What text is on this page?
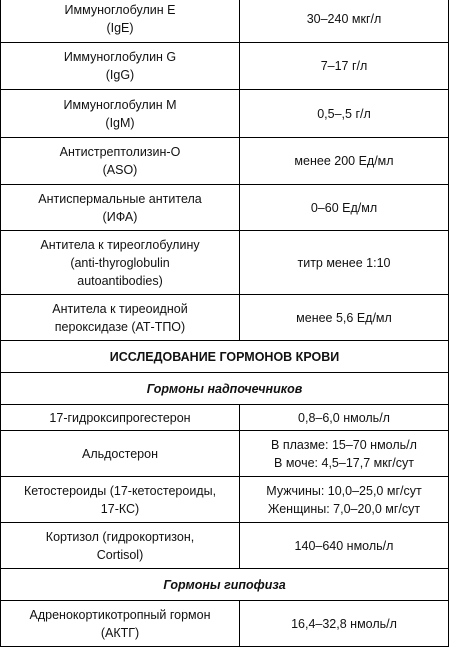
Иммуноглобулин E
(IgE)	30–240 мкг/л

Иммуноглобулин G
(IgG)	7–17 г/л

Иммуноглобулин M
(IgM)	0,5–,5 г/л

Антистрептолизин-О
(ASO)	менее 200 Ед/мл

Антиспермальные антитела
(ИФА)	0–60 Ед/мл

Антитела к тиреоглобулину
(anti-thyroglobulin
autoantibodies)	титр менее 1:10

Антитела к тиреоидной
пероксидазе (АТ-ТПО)	менее 5,6 Ед/мл

ИССЛЕДОВАНИЕ ГОРМОНОВ КРОВИ	
Гормоны надпочечников	

17-гидроксипрогестерон	0,8–6,0 нмоль/л

Альдостерон	В плазме: 15–70 нмоль/л
В моче: 4,5–17,7 мкг/сут

Кетостероиды (17-кетостероиды,
17-КС)	Мужчины: 10,0–25,0 мг/сут
Женщины: 7,0–20,0 мг/сут

Кортизол (гидрокортизон,
Cortisol)	140–640 нмоль/л

Гормоны гипофиза	

Адренокортикотропный гормон
(АКТГ)	16,4–32,8 нмоль/л
